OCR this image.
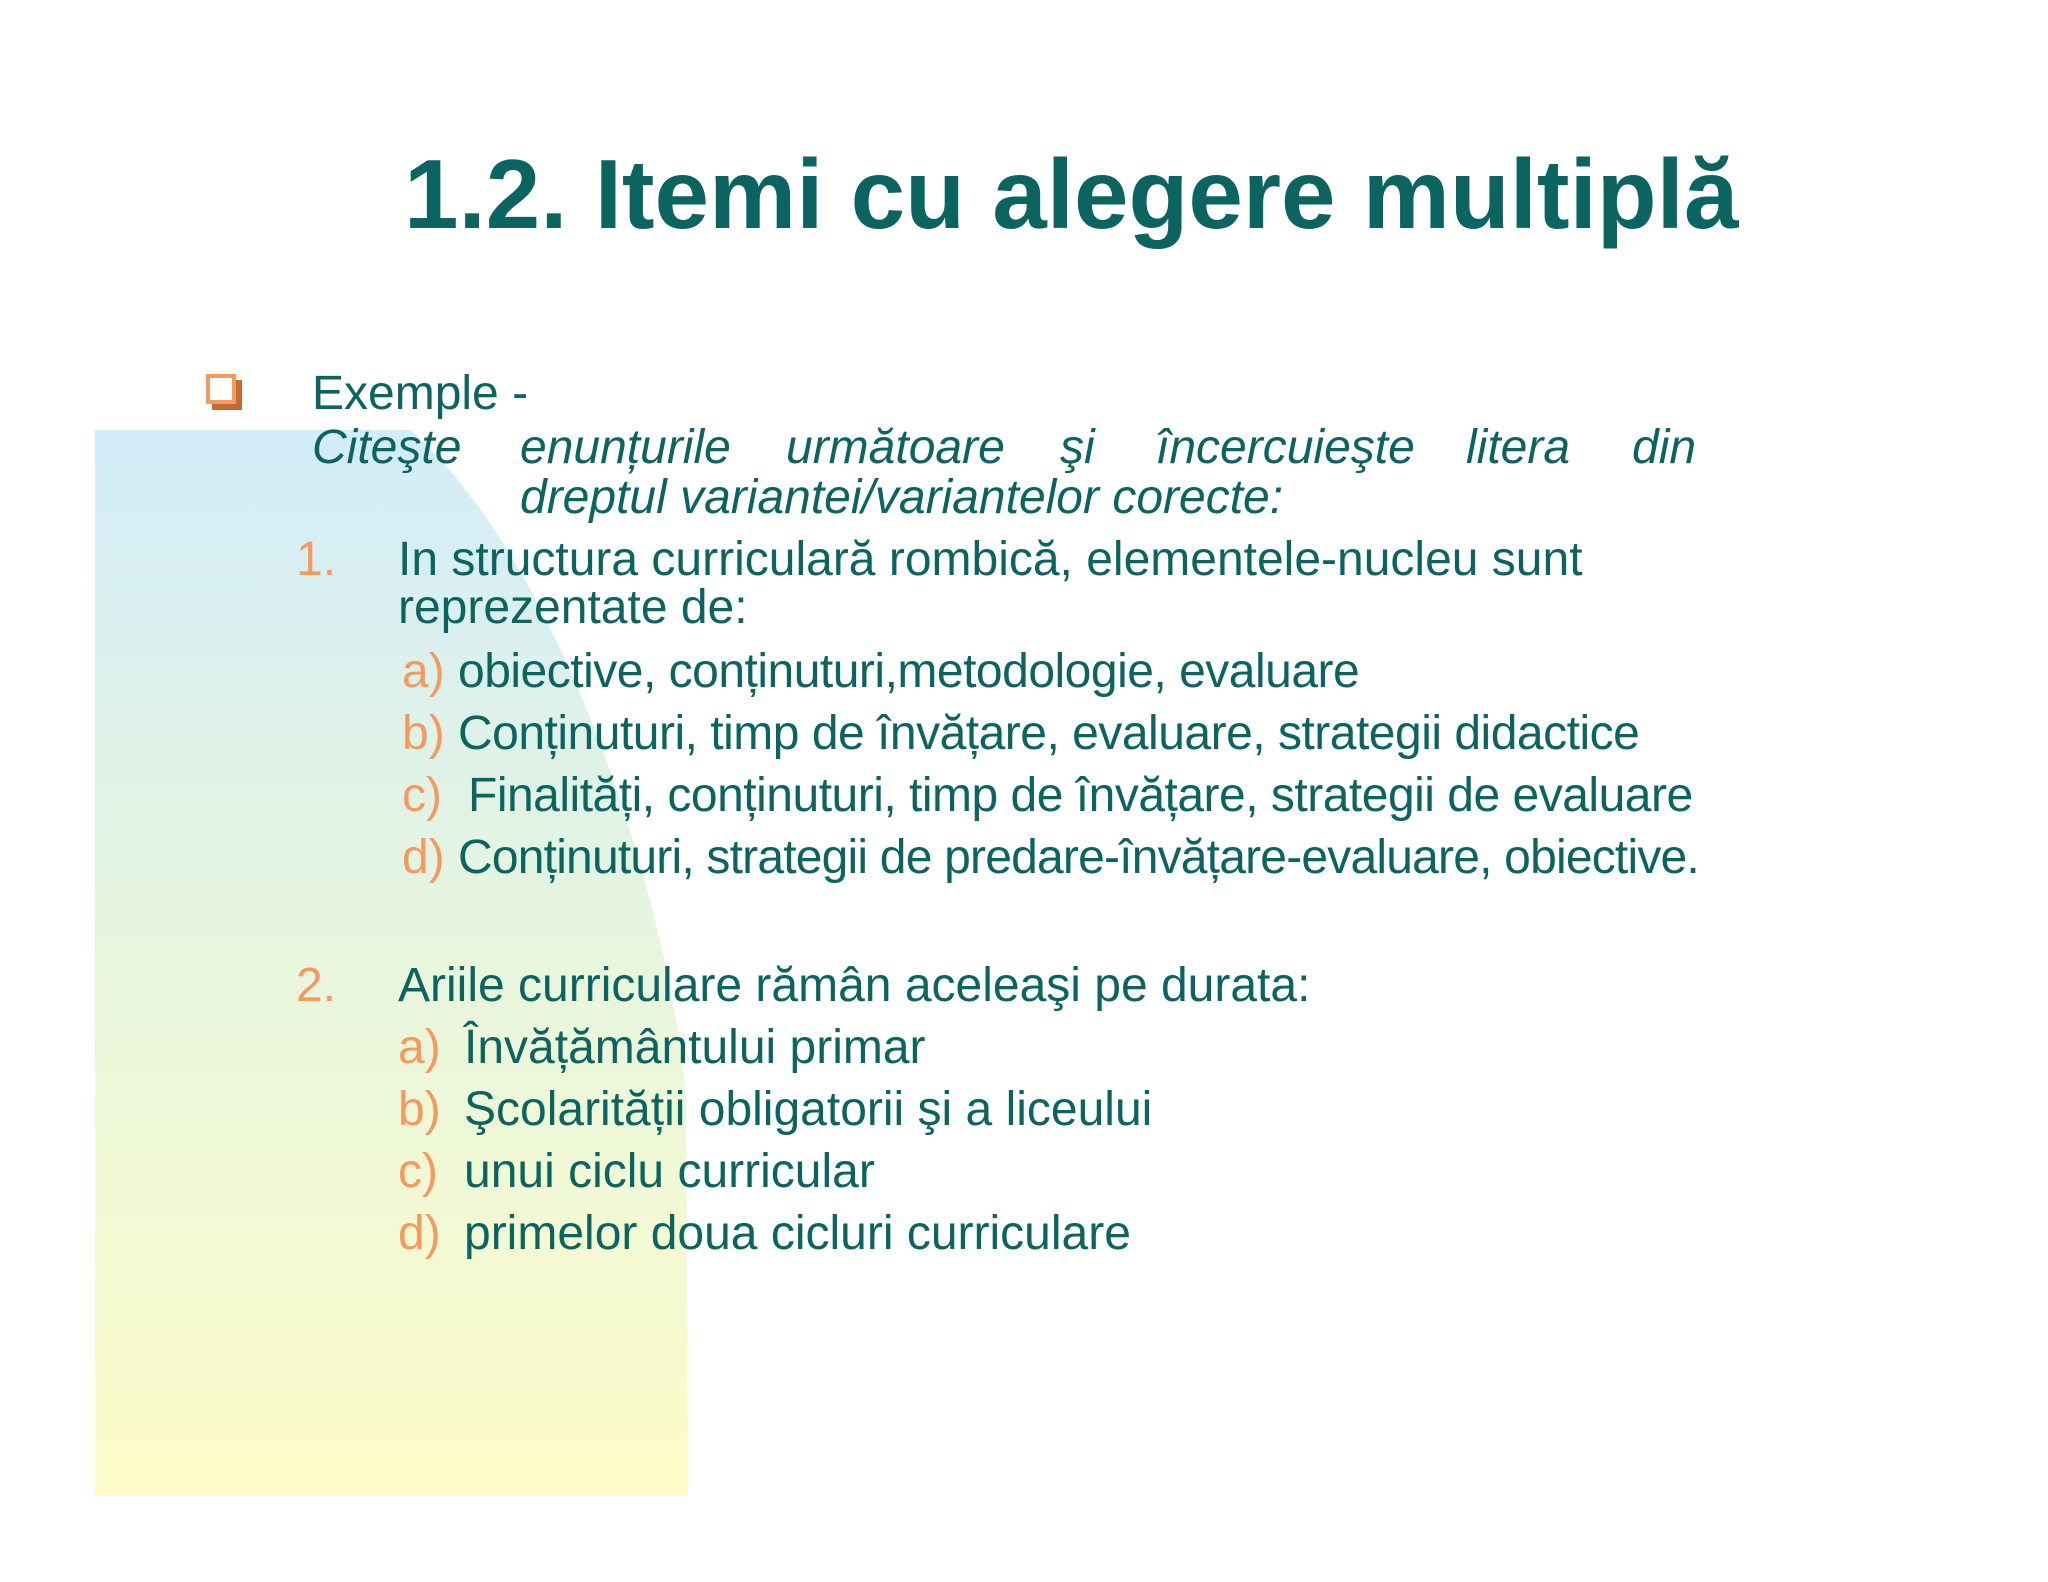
1.2. Itemi cu alegere multiplă
Exemple -
Citeşte enunțurile următoare şi încercuieşte litera din
dreptul variantei/variantelor corecte:
1. In structura curriculară rombică, elementele-nucleu sunt
reprezentate de:
a) obiective, conținuturi,metodologie, evaluare
b) Conținuturi, timp de învățare, evaluare, strategii didactice
c) Finalități, conținuturi, timp de învățare, strategii de evaluare
d) Conținuturi, strategii de predare-învățare-evaluare, obiective.
2. Ariile curriculare rămân aceleaşi pe durata:
a) Învățământului primar
b) Şcolarității obligatorii şi a liceului
c) unui ciclu curricular
d) primelor doua cicluri curriculare
